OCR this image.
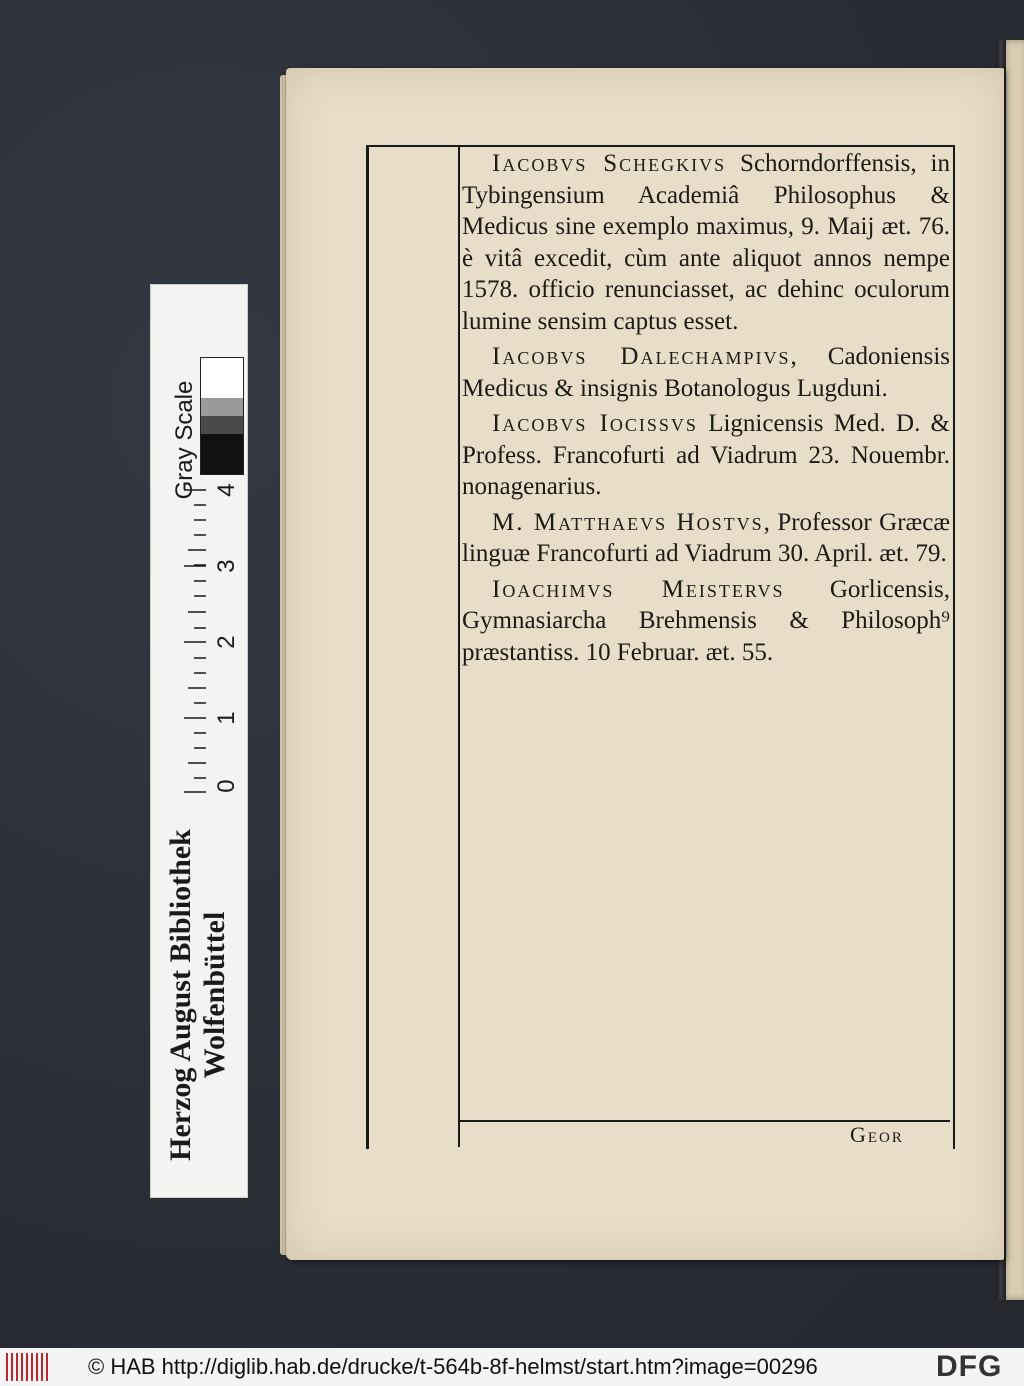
Gray Scale 4
3
2
1
0
Herzog August Bibliothek Wolfenbüttel

Iacobvs Schegkivs Schorndorffensis, in Tybingensium Academiâ Philosophus & Medicus sine exemplo maximus, 9. Maij æt. 76. è vitâ excedit, cùm ante aliquot annos nempe 1578. officio renunciasset, ac dehinc oculorum lumine sensim captus esset.

Iacobvs Dalechampivs, Cadoniensis Medicus & insignis Botanologus Lugduni.

Iacobvs Iocissvs Lignicensis Med. D. & Profess. Francofurti ad Viadrum 23. Nouembr. nonagenarius.

M. Matthaevs Hostvs, Professor Græcæ linguæ Francofurti ad Viadrum 30. April. æt. 79.

Ioachimvs Meistervs Gorlicensis, Gymnasiarcha Brehmensis & Philosoph⁹ præstantiss. 10 Februar. æt. 55.

Geor
© HAB http://diglib.hab.de/drucke/t-564b-8f-helmst/start.htm?image=00296	DFG
